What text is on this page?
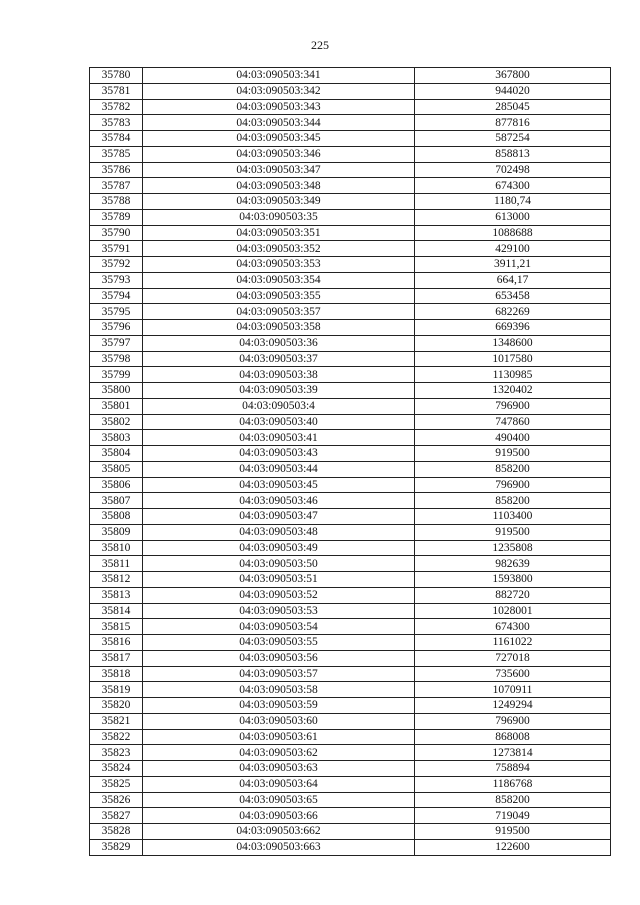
225
35780	04:03:090503:341	367800
35781	04:03:090503:342	944020
35782	04:03:090503:343	285045
35783	04:03:090503:344	877816
35784	04:03:090503:345	587254
35785	04:03:090503:346	858813
35786	04:03:090503:347	702498
35787	04:03:090503:348	674300
35788	04:03:090503:349	1180,74
35789	04:03:090503:35	613000
35790	04:03:090503:351	1088688
35791	04:03:090503:352	429100
35792	04:03:090503:353	3911,21
35793	04:03:090503:354	664,17
35794	04:03:090503:355	653458
35795	04:03:090503:357	682269
35796	04:03:090503:358	669396
35797	04:03:090503:36	1348600
35798	04:03:090503:37	1017580
35799	04:03:090503:38	1130985
35800	04:03:090503:39	1320402
35801	04:03:090503:4	796900
35802	04:03:090503:40	747860
35803	04:03:090503:41	490400
35804	04:03:090503:43	919500
35805	04:03:090503:44	858200
35806	04:03:090503:45	796900
35807	04:03:090503:46	858200
35808	04:03:090503:47	1103400
35809	04:03:090503:48	919500
35810	04:03:090503:49	1235808
35811	04:03:090503:50	982639
35812	04:03:090503:51	1593800
35813	04:03:090503:52	882720
35814	04:03:090503:53	1028001
35815	04:03:090503:54	674300
35816	04:03:090503:55	1161022
35817	04:03:090503:56	727018
35818	04:03:090503:57	735600
35819	04:03:090503:58	1070911
35820	04:03:090503:59	1249294
35821	04:03:090503:60	796900
35822	04:03:090503:61	868008
35823	04:03:090503:62	1273814
35824	04:03:090503:63	758894
35825	04:03:090503:64	1186768
35826	04:03:090503:65	858200
35827	04:03:090503:66	719049
35828	04:03:090503:662	919500
35829	04:03:090503:663	122600
